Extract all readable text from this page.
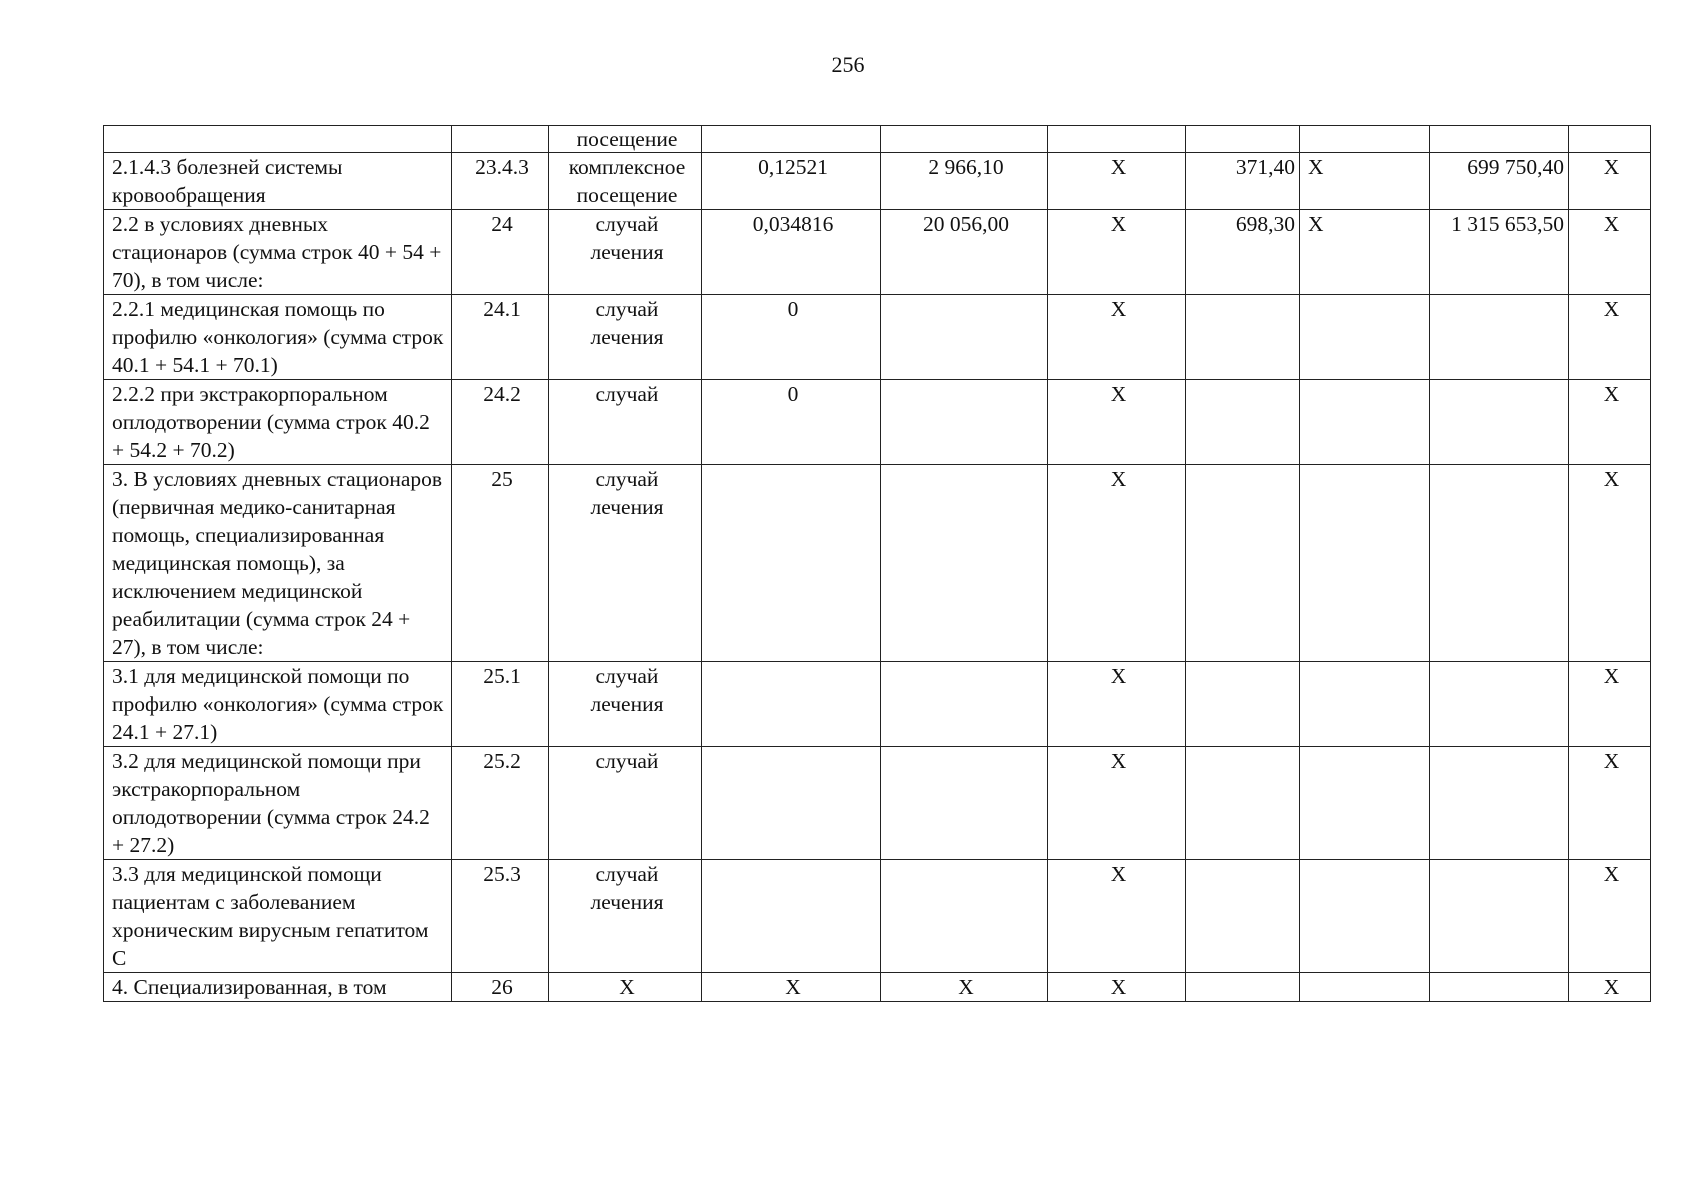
256
		посещение							
2.1.4.3 болезней системы кровообращения	23.4.3	комплексное посещение	0,12521	2 966,10	X	371,40	X	699 750,40	X
2.2 в условиях дневных стационаров (сумма строк 40 + 54 + 70), в том числе:	24	случай лечения	0,034816	20 056,00	X	698,30	X	1 315 653,50	X
2.2.1 медицинская помощь по профилю «онкология» (сумма строк 40.1 + 54.1 + 70.1)	24.1	случай лечения	0		X				X
2.2.2 при экстракорпоральном оплодотворении (сумма строк 40.2 + 54.2 + 70.2)	24.2	случай	0		X				X
3. В условиях дневных стационаров (первичная медико-санитарная помощь, специализированная медицинская помощь), за исключением медицинской реабилитации (сумма строк 24 + 27), в том числе:	25	случай лечения			X				X
3.1 для медицинской помощи по профилю «онкология» (сумма строк 24.1 + 27.1)	25.1	случай лечения			X				X
3.2 для медицинской помощи при экстракорпоральном оплодотворении (сумма строк 24.2 + 27.2)	25.2	случай			X				X
3.3 для медицинской помощи пациентам с заболеванием хроническим вирусным гепатитом С	25.3	случай лечения			X				X
4. Специализированная, в том	26	X	X	X	X				X
